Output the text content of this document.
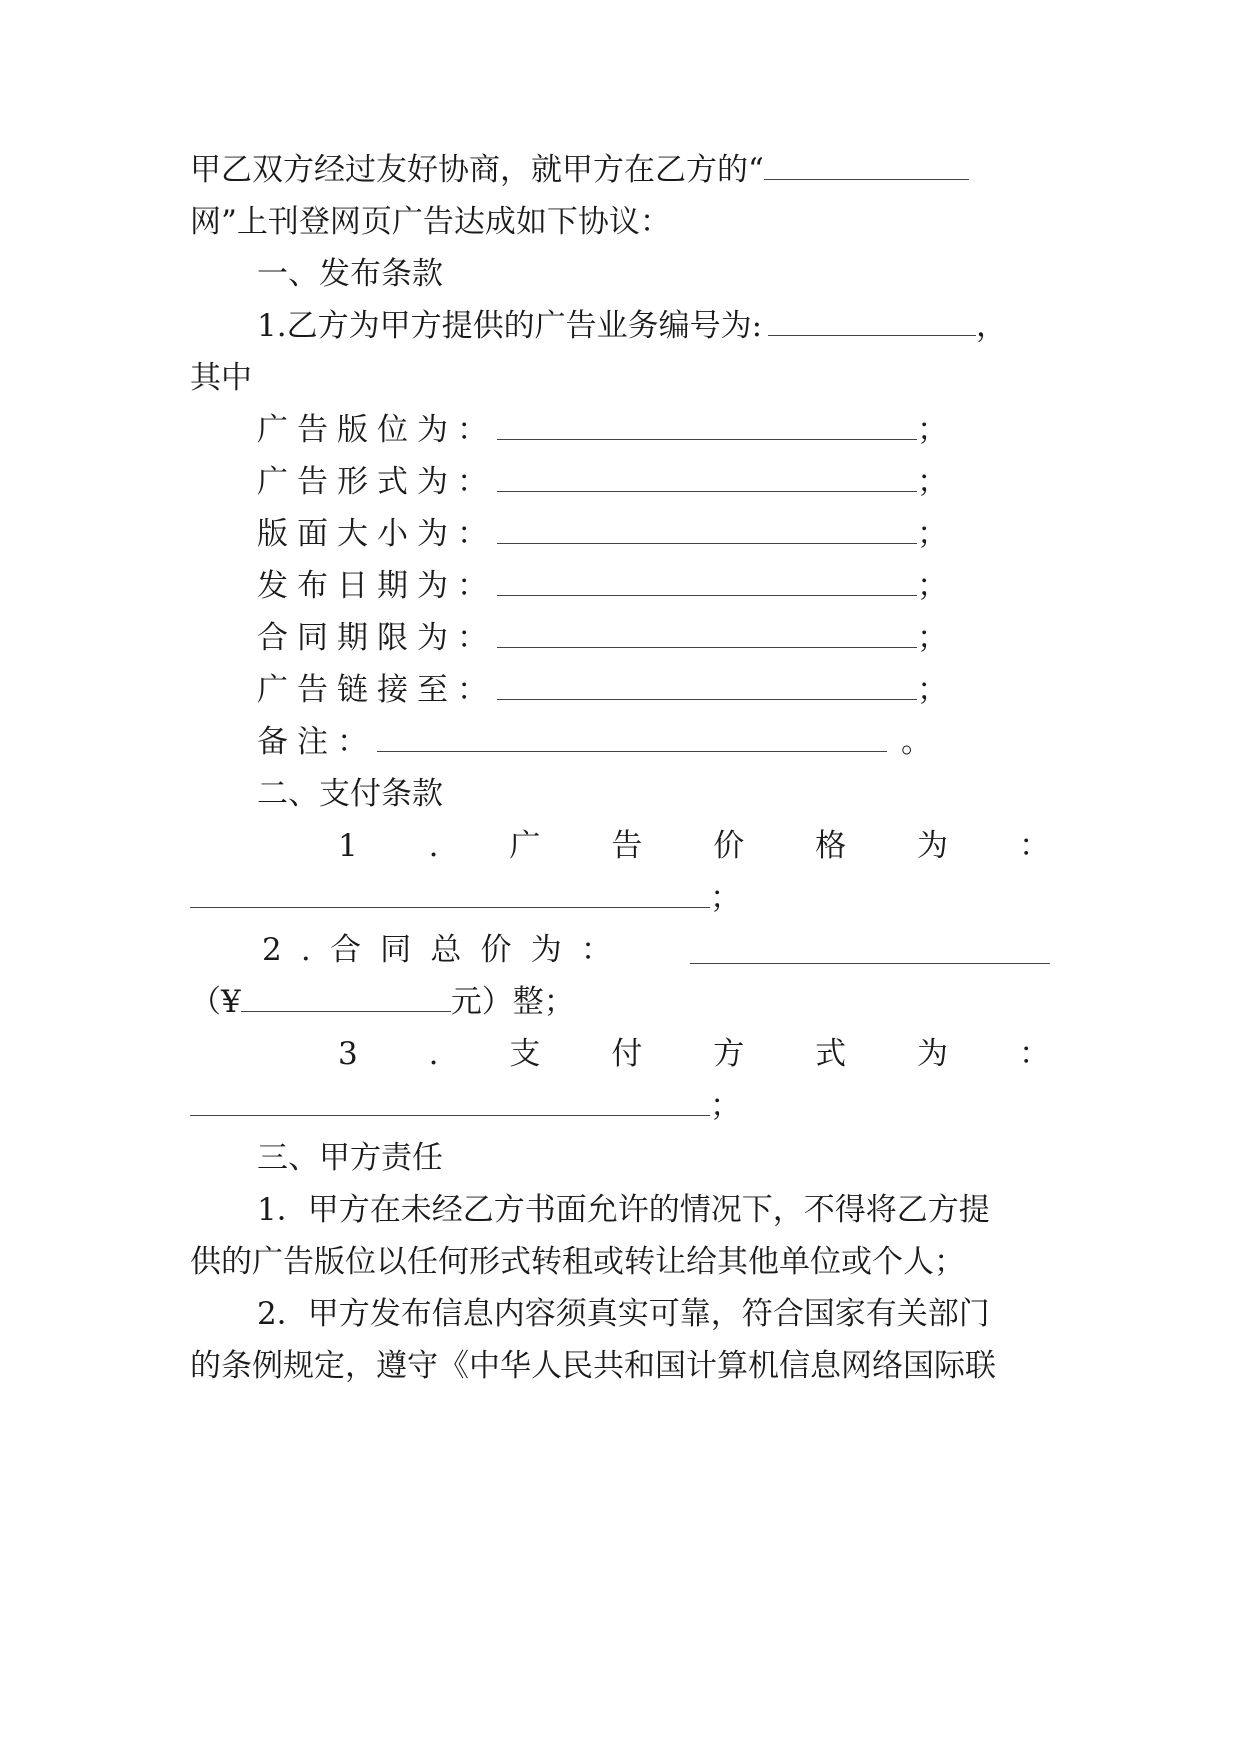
甲乙双方经过友好协商，就甲方在乙方的“
网”上刊登网页广告达成如下协议：
一、发布条款
1.乙方为甲方提供的广告业务编号为:	，
其中
广告版位为：	；
广告形式为：	；
版面大小为：	；
发布日期为：	；
合同期限为：	；
广告链接至：	；
备注：	。
二、支付条款
1 . 广 告 价 格 为 ：
；
2 . 合 同 总 价 为 ：
（¥	元）整；
3 . 支 付 方 式 为 ：
；
三、甲方责任
1．甲方在未经乙方书面允许的情况下，不得将乙方提
供的广告版位以任何形式转租或转让给其他单位或个人；
2．甲方发布信息内容须真实可靠，符合国家有关部门
的条例规定，遵守《中华人民共和国计算机信息网络国际联
